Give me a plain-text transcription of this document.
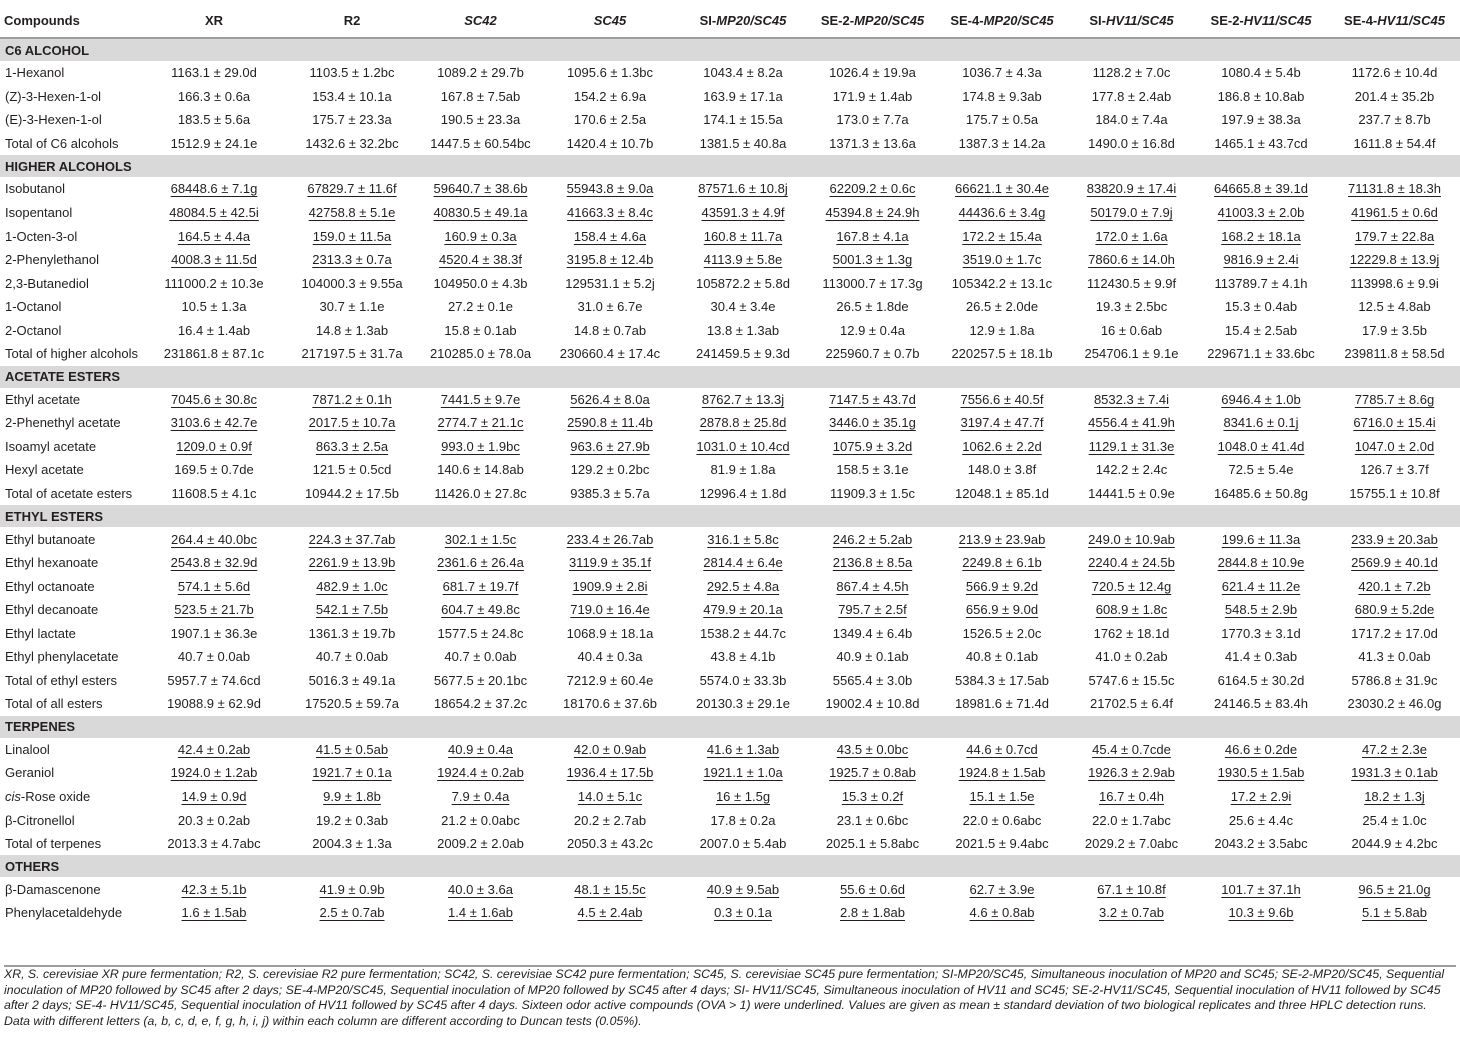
Compounds	XR	R2	SC42	SC45	SI-MP20/SC45	SE-2-MP20/SC45	SE-4-MP20/SC45	SI-HV11/SC45	SE-2-HV11/SC45	SE-4-HV11/SC45
C6 ALCOHOL										
1-Hexanol	1163.1 ± 29.0d	1103.5 ± 1.2bc	1089.2 ± 29.7b	1095.6 ± 1.3bc	1043.4 ± 8.2a	1026.4 ± 19.9a	1036.7 ± 4.3a	1128.2 ± 7.0c	1080.4 ± 5.4b	1172.6 ± 10.4d
(Z)-3-Hexen-1-ol	166.3 ± 0.6a	153.4 ± 10.1a	167.8 ± 7.5ab	154.2 ± 6.9a	163.9 ± 17.1a	171.9 ± 1.4ab	174.8 ± 9.3ab	177.8 ± 2.4ab	186.8 ± 10.8ab	201.4 ± 35.2b
(E)-3-Hexen-1-ol	183.5 ± 5.6a	175.7 ± 23.3a	190.5 ± 23.3a	170.6 ± 2.5a	174.1 ± 15.5a	173.0 ± 7.7a	175.7 ± 0.5a	184.0 ± 7.4a	197.9 ± 38.3a	237.7 ± 8.7b
Total of C6 alcohols	1512.9 ± 24.1e	1432.6 ± 32.2bc	1447.5 ± 60.54bc	1420.4 ± 10.7b	1381.5 ± 40.8a	1371.3 ± 13.6a	1387.3 ± 14.2a	1490.0 ± 16.8d	1465.1 ± 43.7cd	1611.8 ± 54.4f
HIGHER ALCOHOLS										
Isobutanol	68448.6 ± 7.1g	67829.7 ± 11.6f	59640.7 ± 38.6b	55943.8 ± 9.0a	87571.6 ± 10.8j	62209.2 ± 0.6c	66621.1 ± 30.4e	83820.9 ± 17.4i	64665.8 ± 39.1d	71131.8 ± 18.3h
Isopentanol	48084.5 ± 42.5i	42758.8 ± 5.1e	40830.5 ± 49.1a	41663.3 ± 8.4c	43591.3 ± 4.9f	45394.8 ± 24.9h	44436.6 ± 3.4g	50179.0 ± 7.9j	41003.3 ± 2.0b	41961.5 ± 0.6d
1-Octen-3-ol	164.5 ± 4.4a	159.0 ± 11.5a	160.9 ± 0.3a	158.4 ± 4.6a	160.8 ± 11.7a	167.8 ± 4.1a	172.2 ± 15.4a	172.0 ± 1.6a	168.2 ± 18.1a	179.7 ± 22.8a
2-Phenylethanol	4008.3 ± 11.5d	2313.3 ± 0.7a	4520.4 ± 38.3f	3195.8 ± 12.4b	4113.9 ± 5.8e	5001.3 ± 1.3g	3519.0 ± 1.7c	7860.6 ± 14.0h	9816.9 ± 2.4i	12229.8 ± 13.9j
2,3-Butanediol	111000.2 ± 10.3e	104000.3 ± 9.55a	104950.0 ± 4.3b	129531.1 ± 5.2j	105872.2 ± 5.8d	113000.7 ± 17.3g	105342.2 ± 13.1c	112430.5 ± 9.9f	113789.7 ± 4.1h	113998.6 ± 9.9i
1-Octanol	10.5 ± 1.3a	30.7 ± 1.1e	27.2 ± 0.1e	31.0 ± 6.7e	30.4 ± 3.4e	26.5 ± 1.8de	26.5 ± 2.0de	19.3 ± 2.5bc	15.3 ± 0.4ab	12.5 ± 4.8ab
2-Octanol	16.4 ± 1.4ab	14.8 ± 1.3ab	15.8 ± 0.1ab	14.8 ± 0.7ab	13.8 ± 1.3ab	12.9 ± 0.4a	12.9 ± 1.8a	16 ± 0.6ab	15.4 ± 2.5ab	17.9 ± 3.5b
Total of higher alcohols	231861.8 ± 87.1c	217197.5 ± 31.7a	210285.0 ± 78.0a	230660.4 ± 17.4c	241459.5 ± 9.3d	225960.7 ± 0.7b	220257.5 ± 18.1b	254706.1 ± 9.1e	229671.1 ± 33.6bc	239811.8 ± 58.5d
ACETATE ESTERS										
Ethyl acetate	7045.6 ± 30.8c	7871.2 ± 0.1h	7441.5 ± 9.7e	5626.4 ± 8.0a	8762.7 ± 13.3j	7147.5 ± 43.7d	7556.6 ± 40.5f	8532.3 ± 7.4i	6946.4 ± 1.0b	7785.7 ± 8.6g
2-Phenethyl acetate	3103.6 ± 42.7e	2017.5 ± 10.7a	2774.7 ± 21.1c	2590.8 ± 11.4b	2878.8 ± 25.8d	3446.0 ± 35.1g	3197.4 ± 47.7f	4556.4 ± 41.9h	8341.6 ± 0.1j	6716.0 ± 15.4i
Isoamyl acetate	1209.0 ± 0.9f	863.3 ± 2.5a	993.0 ± 1.9bc	963.6 ± 27.9b	1031.0 ± 10.4cd	1075.9 ± 3.2d	1062.6 ± 2.2d	1129.1 ± 31.3e	1048.0 ± 41.4d	1047.0 ± 2.0d
Hexyl acetate	169.5 ± 0.7de	121.5 ± 0.5cd	140.6 ± 14.8ab	129.2 ± 0.2bc	81.9 ± 1.8a	158.5 ± 3.1e	148.0 ± 3.8f	142.2 ± 2.4c	72.5 ± 5.4e	126.7 ± 3.7f
Total of acetate esters	11608.5 ± 4.1c	10944.2 ± 17.5b	11426.0 ± 27.8c	9385.3 ± 5.7a	12996.4 ± 1.8d	11909.3 ± 1.5c	12048.1 ± 85.1d	14441.5 ± 0.9e	16485.6 ± 50.8g	15755.1 ± 10.8f
ETHYL ESTERS										
Ethyl butanoate	264.4 ± 40.0bc	224.3 ± 37.7ab	302.1 ± 1.5c	233.4 ± 26.7ab	316.1 ± 5.8c	246.2 ± 5.2ab	213.9 ± 23.9ab	249.0 ± 10.9ab	199.6 ± 11.3a	233.9 ± 20.3ab
Ethyl hexanoate	2543.8 ± 32.9d	2261.9 ± 13.9b	2361.6 ± 26.4a	3119.9 ± 35.1f	2814.4 ± 6.4e	2136.8 ± 8.5a	2249.8 ± 6.1b	2240.4 ± 24.5b	2844.8 ± 10.9e	2569.9 ± 40.1d
Ethyl octanoate	574.1 ± 5.6d	482.9 ± 1.0c	681.7 ± 19.7f	1909.9 ± 2.8i	292.5 ± 4.8a	867.4 ± 4.5h	566.9 ± 9.2d	720.5 ± 12.4g	621.4 ± 11.2e	420.1 ± 7.2b
Ethyl decanoate	523.5 ± 21.7b	542.1 ± 7.5b	604.7 ± 49.8c	719.0 ± 16.4e	479.9 ± 20.1a	795.7 ± 2.5f	656.9 ± 9.0d	608.9 ± 1.8c	548.5 ± 2.9b	680.9 ± 5.2de
Ethyl lactate	1907.1 ± 36.3e	1361.3 ± 19.7b	1577.5 ± 24.8c	1068.9 ± 18.1a	1538.2 ± 44.7c	1349.4 ± 6.4b	1526.5 ± 2.0c	1762 ± 18.1d	1770.3 ± 3.1d	1717.2 ± 17.0d
Ethyl phenylacetate	40.7 ± 0.0ab	40.7 ± 0.0ab	40.7 ± 0.0ab	40.4 ± 0.3a	43.8 ± 4.1b	40.9 ± 0.1ab	40.8 ± 0.1ab	41.0 ± 0.2ab	41.4 ± 0.3ab	41.3 ± 0.0ab
Total of ethyl esters	5957.7 ± 74.6cd	5016.3 ± 49.1a	5677.5 ± 20.1bc	7212.9 ± 60.4e	5574.0 ± 33.3b	5565.4 ± 3.0b	5384.3 ± 17.5ab	5747.6 ± 15.5c	6164.5 ± 30.2d	5786.8 ± 31.9c
Total of all esters	19088.9 ± 62.9d	17520.5 ± 59.7a	18654.2 ± 37.2c	18170.6 ± 37.6b	20130.3 ± 29.1e	19002.4 ± 10.8d	18981.6 ± 71.4d	21702.5 ± 6.4f	24146.5 ± 83.4h	23030.2 ± 46.0g
TERPENES										
Linalool	42.4 ± 0.2ab	41.5 ± 0.5ab	40.9 ± 0.4a	42.0 ± 0.9ab	41.6 ± 1.3ab	43.5 ± 0.0bc	44.6 ± 0.7cd	45.4 ± 0.7cde	46.6 ± 0.2de	47.2 ± 2.3e
Geraniol	1924.0 ± 1.2ab	1921.7 ± 0.1a	1924.4 ± 0.2ab	1936.4 ± 17.5b	1921.1 ± 1.0a	1925.7 ± 0.8ab	1924.8 ± 1.5ab	1926.3 ± 2.9ab	1930.5 ± 1.5ab	1931.3 ± 0.1ab
cis-Rose oxide	14.9 ± 0.9d	9.9 ± 1.8b	7.9 ± 0.4a	14.0 ± 5.1c	16 ± 1.5g	15.3 ± 0.2f	15.1 ± 1.5e	16.7 ± 0.4h	17.2 ± 2.9i	18.2 ± 1.3j
β-Citronellol	20.3 ± 0.2ab	19.2 ± 0.3ab	21.2 ± 0.0abc	20.2 ± 2.7ab	17.8 ± 0.2a	23.1 ± 0.6bc	22.0 ± 0.6abc	22.0 ± 1.7abc	25.6 ± 4.4c	25.4 ± 1.0c
Total of terpenes	2013.3 ± 4.7abc	2004.3 ± 1.3a	2009.2 ± 2.0ab	2050.3 ± 43.2c	2007.0 ± 5.4ab	2025.1 ± 5.8abc	2021.5 ± 9.4abc	2029.2 ± 7.0abc	2043.2 ± 3.5abc	2044.9 ± 4.2bc
OTHERS										
β-Damascenone	42.3 ± 5.1b	41.9 ± 0.9b	40.0 ± 3.6a	48.1 ± 15.5c	40.9 ± 9.5ab	55.6 ± 0.6d	62.7 ± 3.9e	67.1 ± 10.8f	101.7 ± 37.1h	96.5 ± 21.0g
Phenylacetaldehyde	1.6 ± 1.5ab	2.5 ± 0.7ab	1.4 ± 1.6ab	4.5 ± 2.4ab	0.3 ± 0.1a	2.8 ± 1.8ab	4.6 ± 0.8ab	3.2 ± 0.7ab	10.3 ± 9.6b	5.1 ± 5.8ab

XR, S. cerevisiae XR pure fermentation; R2, S. cerevisiae R2 pure fermentation; SC42, S. cerevisiae SC42 pure fermentation; SC45, S. cerevisiae SC45 pure fermentation; SI-MP20/SC45, Simultaneous inoculation of MP20 and SC45; SE-2-MP20/SC45, Sequential inoculation of MP20 followed by SC45 after 2 days; SE-4-MP20/SC45, Sequential inoculation of MP20 followed by SC45 after 4 days; SI- HV11/SC45, Simultaneous inoculation of HV11 and SC45; SE-2-HV11/SC45, Sequential inoculation of HV11 followed by SC45 after 2 days; SE-4- HV11/SC45, Sequential inoculation of HV11 followed by SC45 after 4 days. Sixteen odor active compounds (OVA > 1) were underlined. Values are given as mean ± standard deviation of two biological replicates and three HPLC detection runs. Data with different letters (a, b, c, d, e, f, g, h, i, j) within each column are different according to Duncan tests (0.05%).
